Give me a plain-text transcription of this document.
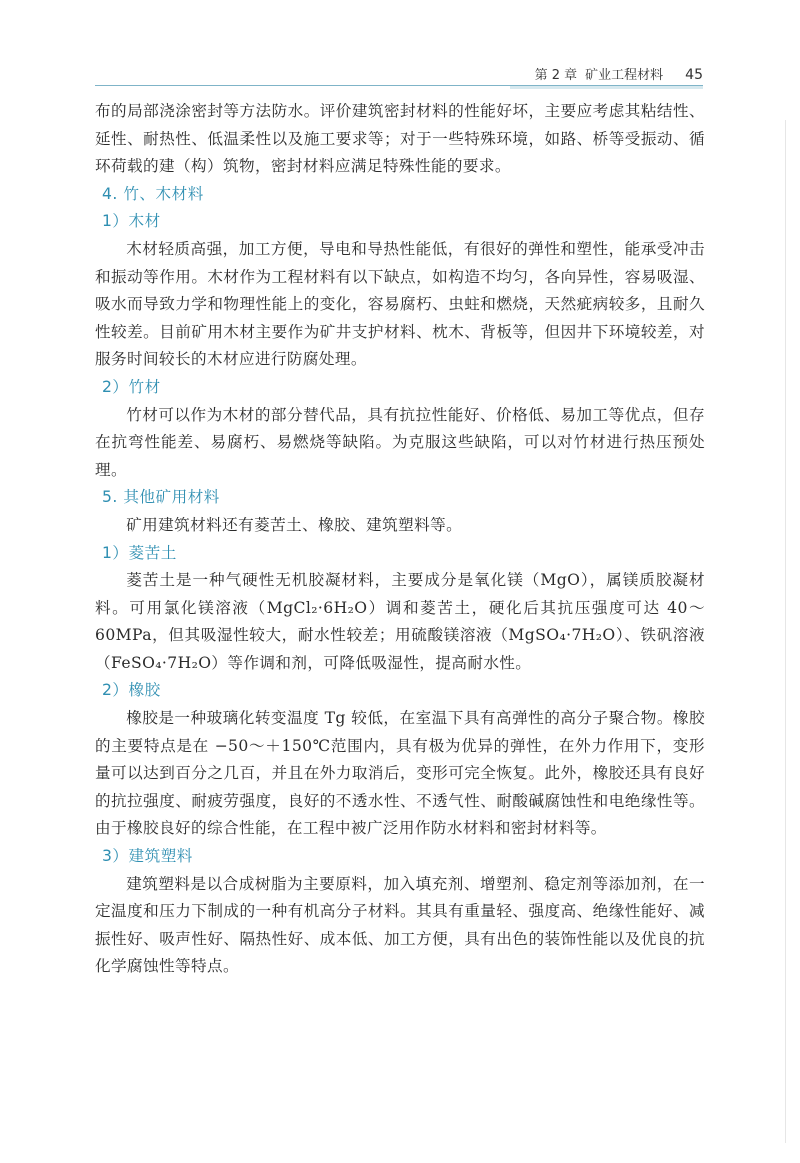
第 2 章 矿业工程材料 45

布的局部浇涂密封等方法防水。评价建筑密封材料的性能好坏，主要应考虑其粘结性、延性、耐热性、低温柔性以及施工要求等；对于一些特殊环境，如路、桥等受振动、循环荷载的建（构）筑物，密封材料应满足特殊性能的要求。

4. 竹、木材料

1）木材

木材轻质高强，加工方便，导电和导热性能低，有很好的弹性和塑性，能承受冲击和振动等作用。木材作为工程材料有以下缺点，如构造不均匀，各向异性，容易吸湿、吸水而导致力学和物理性能上的变化，容易腐朽、虫蛀和燃烧，天然疵病较多，且耐久性较差。目前矿用木材主要作为矿井支护材料、枕木、背板等，但因井下环境较差，对服务时间较长的木材应进行防腐处理。

2）竹材

竹材可以作为木材的部分替代品，具有抗拉性能好、价格低、易加工等优点，但存在抗弯性能差、易腐朽、易燃烧等缺陷。为克服这些缺陷，可以对竹材进行热压预处理。

5. 其他矿用材料

矿用建筑材料还有菱苦土、橡胶、建筑塑料等。

1）菱苦土

菱苦土是一种气硬性无机胶凝材料，主要成分是氧化镁（MgO），属镁质胶凝材料。可用氯化镁溶液（MgCl₂·6H₂O）调和菱苦土，硬化后其抗压强度可达 40～60MPa，但其吸湿性较大，耐水性较差；用硫酸镁溶液（MgSO₄·7H₂O）、铁矾溶液（FeSO₄·7H₂O）等作调和剂，可降低吸湿性，提高耐水性。

2）橡胶

橡胶是一种玻璃化转变温度 Tg 较低，在室温下具有高弹性的高分子聚合物。橡胶的主要特点是在 −50～＋150℃范围内，具有极为优异的弹性，在外力作用下，变形量可以达到百分之几百，并且在外力取消后，变形可完全恢复。此外，橡胶还具有良好的抗拉强度、耐疲劳强度，良好的不透水性、不透气性、耐酸碱腐蚀性和电绝缘性等。由于橡胶良好的综合性能，在工程中被广泛用作防水材料和密封材料等。

3）建筑塑料

建筑塑料是以合成树脂为主要原料，加入填充剂、增塑剂、稳定剂等添加剂，在一定温度和压力下制成的一种有机高分子材料。其具有重量轻、强度高、绝缘性能好、减振性好、吸声性好、隔热性好、成本低、加工方便，具有出色的装饰性能以及优良的抗化学腐蚀性等特点。
